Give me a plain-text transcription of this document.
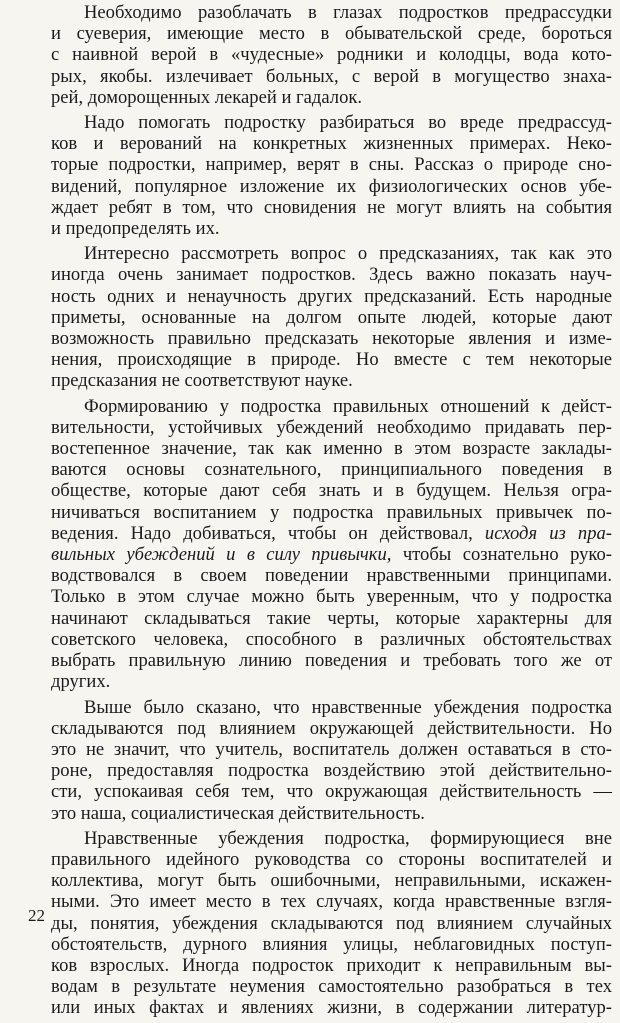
Необходимо разоблачать в глазах подростков предрассудки
и суеверия, имеющие место в обывательской среде, бороться
с наивной верой в «чудесные» родники и колодцы, вода кото-
рых, якобы. излечивает больных, с верой в могущество знаха-
рей, доморощенных лекарей и гадалок.

Надо помогать подростку разбираться во вреде предрассуд-
ков и верований на конкретных жизненных примерах. Неко-
торые подростки, например, верят в сны. Рассказ о природе сно-
видений, популярное изложение их физиологических основ убе-
ждает ребят в том, что сновидения не могут влиять на события
и предопределять их.

Интересно рассмотреть вопрос о предсказаниях, так как это
иногда очень занимает подростков. Здесь важно показать науч-
ность одних и ненаучность других предсказаний. Есть народные
приметы, основанные на долгом опыте людей, которые дают
возможность правильно предсказать некоторые явления и изме-
нения, происходящие в природе. Но вместе с тем некоторые
предсказания не соответствуют науке.

Формированию у подростка правильных отношений к дейст-
вительности, устойчивых убеждений необходимо придавать пер-
востепенное значение, так как именно в этом возрасте заклады-
ваются основы сознательного, принципиального поведения в
обществе, которые дают себя знать и в будущем. Нельзя огра-
ничиваться воспитанием у подростка правильных привычек по-
ведения. Надо добиваться, чтобы он действовал, исходя из пра-
вильных убеждений и в силу привычки, чтобы сознательно руко-
водствовался в своем поведении нравственными принципами.
Только в этом случае можно быть уверенным, что у подростка
начинают складываться такие черты, которые характерны для
советского человека, способного в различных обстоятельствах
выбрать правильную линию поведения и требовать того же от
других.

Выше было сказано, что нравственные убеждения подростка
складываются под влиянием окружающей действительности. Но
это не значит, что учитель, воспитатель должен оставаться в сто-
роне, предоставляя подростка воздействию этой действительно-
сти, успокаивая себя тем, что окружающая действительность —
это наша, социалистическая действительность.

Нравственные убеждения подростка, формирующиеся вне
правильного идейного руководства со стороны воспитателей и
коллектива, могут быть ошибочными, неправильными, искажен-
ными. Это имеет место в тех случаях, когда нравственные взгля-
ды, понятия, убеждения складываются под влиянием случайных
обстоятельств, дурного влияния улицы, неблаговидных поступ-
ков взрослых. Иногда подросток приходит к неправильным вы-
водам в результате неумения самостоятельно разобраться в тех
или иных фактах и явлениях жизни, в содержании литератур-

22
